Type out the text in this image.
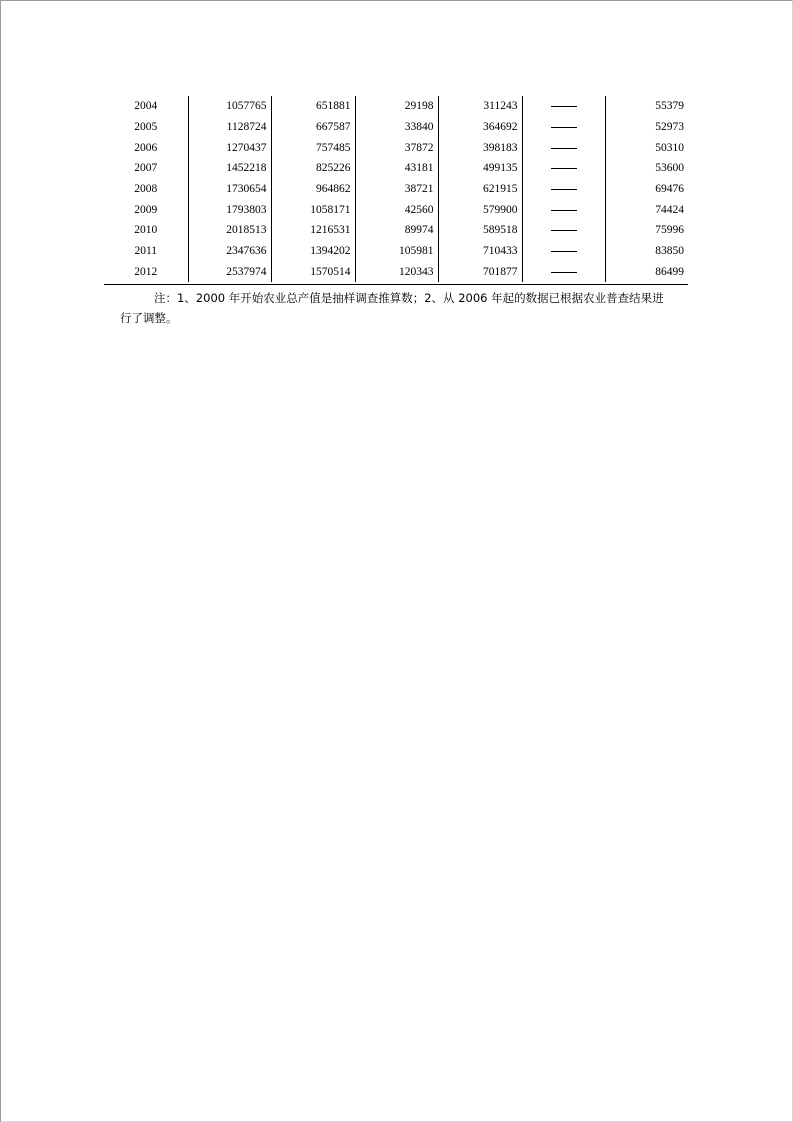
2004	1057765	651881	29198	311243		55379
2005	1128724	667587	33840	364692		52973
2006	1270437	757485	37872	398183		50310
2007	1452218	825226	43181	499135		53600
2008	1730654	964862	38721	621915		69476
2009	1793803	1058171	42560	579900		74424
2010	2018513	1216531	89974	589518		75996
2011	2347636	1394202	105981	710433		83850
2012	2537974	1570514	120343	701877		86499
注：1、2000 年开始农业总产值是抽样调查推算数；2、从 2006 年起的数据已根据农业普查结果进
行了调整。
